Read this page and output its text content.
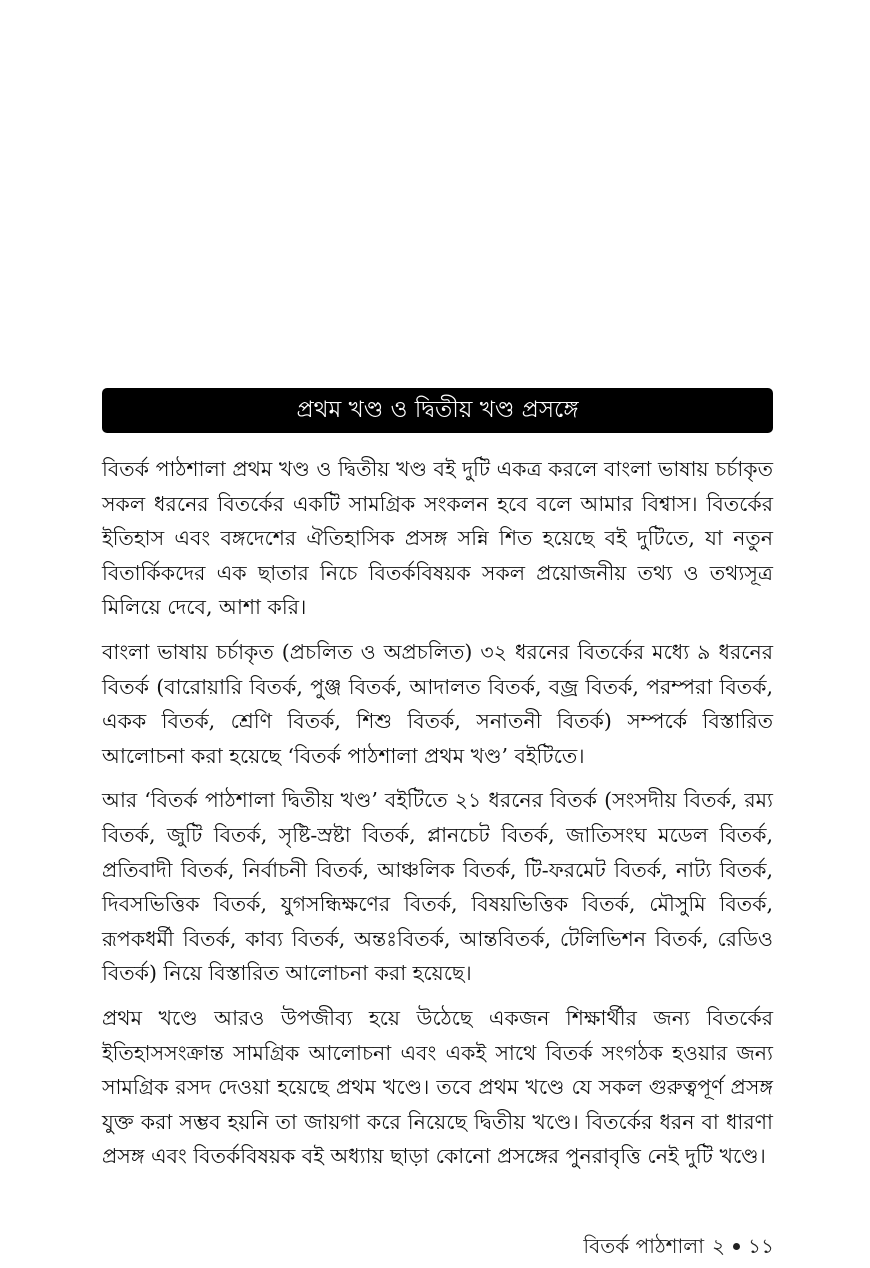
প্রথম খণ্ড ও দ্বিতীয় খণ্ড প্রসঙ্গে

বিতর্ক পাঠশালা প্রথম খণ্ড ও দ্বিতীয় খণ্ড বই দুটি একত্র করলে বাংলা ভাষায় চর্চাকৃত সকল ধরনের বিতর্কের একটি সামগ্রিক সংকলন হবে বলে আমার বিশ্বাস। বিতর্কের ইতিহাস এবং বঙ্গদেশের ঐতিহাসিক প্রসঙ্গ সন্নি শিত হয়েছে বই দুটিতে, যা নতুন বিতার্কিকদের এক ছাতার নিচে বিতর্কবিষয়ক সকল প্রয়োজনীয় তথ্য ও তথ্যসূত্র মিলিয়ে দেবে, আশা করি।

বাংলা ভাষায় চর্চাকৃত (প্রচলিত ও অপ্রচলিত) ৩২ ধরনের বিতর্কের মধ্যে ৯ ধরনের বিতর্ক (বারোয়ারি বিতর্ক, পুঞ্জ বিতর্ক, আদালত বিতর্ক, বজ্র বিতর্ক, পরম্পরা বিতর্ক, একক বিতর্ক, শ্রেণি বিতর্ক, শিশু বিতর্ক, সনাতনী বিতর্ক) সম্পর্কে বিস্তারিত আলোচনা করা হয়েছে ‘বিতর্ক পাঠশালা প্রথম খণ্ড’ বইটিতে।

আর ‘বিতর্ক পাঠশালা দ্বিতীয় খণ্ড’ বইটিতে ২১ ধরনের বিতর্ক (সংসদীয় বিতর্ক, রম্য বিতর্ক, জুটি বিতর্ক, সৃষ্টি-স্রষ্টা বিতর্ক, প্লানচেট বিতর্ক, জাতিসংঘ মডেল বিতর্ক, প্রতিবাদী বিতর্ক, নির্বাচনী বিতর্ক, আঞ্চলিক বিতর্ক, টি-ফরমেট বিতর্ক, নাট্য বিতর্ক, দিবসভিত্তিক বিতর্ক, যুগসন্ধিক্ষণের বিতর্ক, বিষয়ভিত্তিক বিতর্ক, মৌসুমি বিতর্ক, রূপকধর্মী বিতর্ক, কাব্য বিতর্ক, অন্তঃবিতর্ক, আন্তবিতর্ক, টেলিভিশন বিতর্ক, রেডিও বিতর্ক) নিয়ে বিস্তারিত আলোচনা করা হয়েছে।

প্রথম খণ্ডে আরও উপজীব্য হয়ে উঠেছে একজন শিক্ষার্থীর জন্য বিতর্কের ইতিহাসসংক্রান্ত সামগ্রিক আলোচনা এবং একই সাথে বিতর্ক সংগঠক হওয়ার জন্য সামগ্রিক রসদ দেওয়া হয়েছে প্রথম খণ্ডে। তবে প্রথম খণ্ডে যে সকল গুরুত্বপূর্ণ প্রসঙ্গ যুক্ত করা সম্ভব হয়নি তা জায়গা করে নিয়েছে দ্বিতীয় খণ্ডে। বিতর্কের ধরন বা ধারণা প্রসঙ্গ এবং বিতর্কবিষয়ক বই অধ্যায় ছাড়া কোনো প্রসঙ্গের পুনরাবৃত্তি নেই দুটি খণ্ডে।

বিতর্ক পাঠশালা ২ ১১
